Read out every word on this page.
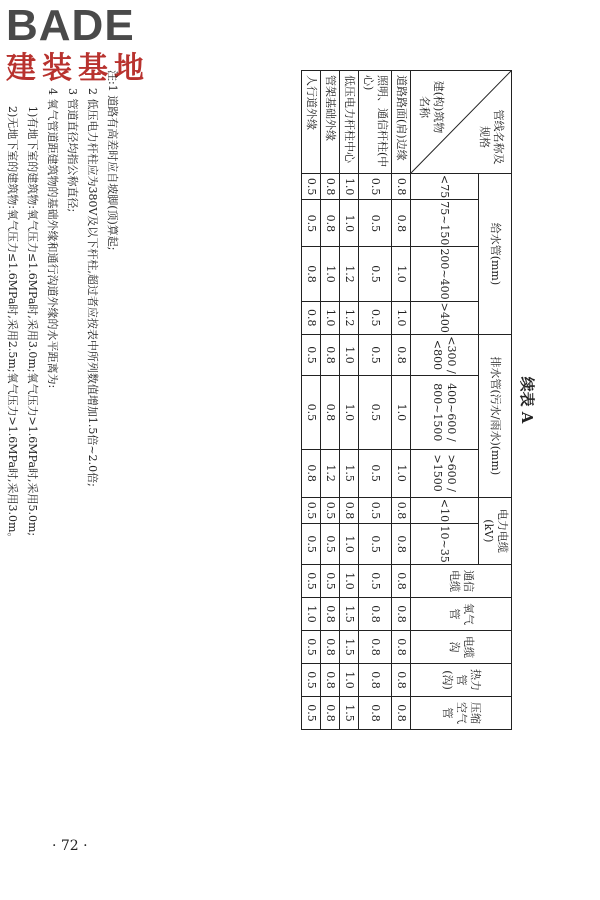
BADE
建装基地
· 72 ·
续表 A
管线名称及规格
建(构)筑物名称	给水管(mm)				排水管(污水/雨水)(mm)			电力电缆(kV)		通信电缆	氧气管	电缆沟	热力管(沟)	压缩空气管
	<75	75~150	200~400	>400	<300 / <800	400~600 / 800~1500	>600 / >1500	<10	10~35					

道路路面(肩)边缘	0.8	0.8	1.0	1.0	0.8	1.0	1.0	0.8	0.8	0.8	0.8	0.8	0.8	0.8
照明、通信杆柱(中心)	0.5	0.5	0.5	0.5	0.5	0.5	0.5	0.5	0.5	0.5	0.8	0.8	0.8	0.8
低压电力杆柱中心	1.0	1.0	1.2	1.2	1.0	1.0	1.5	0.8	1.0	1.0	1.5	1.5	1.0	1.5
管架基础外缘	0.8	0.8	1.0	1.0	0.8	0.8	1.2	0.5	0.5	0.5	0.8	0.8	0.8	0.8
人行道外缘	0.5	0.5	0.8	0.8	0.5	0.5	0.8	0.5	0.5	0.5	1.0	0.5	0.5	0.5
注:1 道路有高差时应自坡脚(顶)算起;
2 低压电力杆柱应为380V及以下杆柱,超过者应按表中所列数值增加1.5倍~2.0倍;
3 管道直径均指公称直径;
4 氧气管道距建筑物的基础外缘和通行沟道外缘的水平距离为:
1)有地下室的建筑物:氧气压力≤1.6MPa时,采用3.0m;氧气压力>1.6MPa时,采用5.0m;
2)无地下室的建筑物:氧气压力≤1.6MPa时,采用2.5m;氧气压力>1.6MPa时,采用3.0m。
